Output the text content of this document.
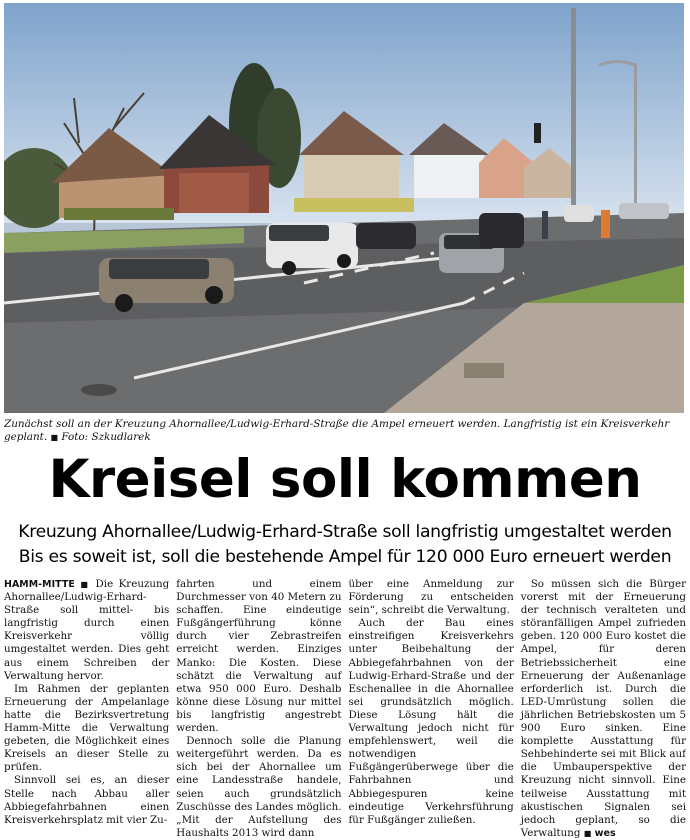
Zunächst soll an der Kreuzung Ahornallee/Ludwig-Erhard-Straße die Ampel erneuert werden. Langfristig ist ein Kreisverkehr geplant. ■ Foto: Szkudlarek
Kreisel soll kommen
Kreuzung Ahornallee/Ludwig-Erhard-Straße soll langfristig umgestaltet werden
Bis es soweit ist, soll die bestehende Ampel für 120 000 Euro erneuert werden

HAMM-MITTE ■ Die Kreuzung Ahornallee/Ludwig-Erhard-Straße soll mittel- bis langfristig durch einen Kreisverkehr völlig umgestaltet werden. Dies geht aus einem Schreiben der Verwaltung hervor.

Im Rahmen der geplanten Erneuerung der Ampelanlage hatte die Bezirksvertretung Hamm-Mitte die Verwaltung gebeten, die Möglichkeit eines Kreisels an dieser Stelle zu prüfen.

Sinnvoll sei es, an dieser Stelle nach Abbau aller Abbiegefahrbahnen einen Kreisverkehrsplatz mit vier Zu-

fahrten und einem Durchmesser von 40 Metern zu schaffen. Eine eindeutige Fußgängerführung könne durch vier Zebrastreifen erreicht werden. Einziges Manko: Die Kosten. Diese schätzt die Verwaltung auf etwa 950 000 Euro. Deshalb könne diese Lösung nur mittel bis langfristig angestrebt werden.

Dennoch solle die Planung weitergeführt werden. Da es sich bei der Ahornallee um eine Landesstraße handele, seien auch grundsätzlich Zuschüsse des Landes möglich. „Mit der Aufstellung des Haushalts 2013 wird dann

über eine Anmeldung zur Förderung zu entscheiden sein“, schreibt die Verwaltung.

Auch der Bau eines einstreifigen Kreisverkehrs unter Beibehaltung der Abbiegefahrbahnen von der Ludwig-Erhard-Straße und der Eschenallee in die Ahornallee sei grundsätzlich möglich. Diese Lösung hält die Verwaltung jedoch nicht für empfehlenswert, weil die notwendigen Fußgängerüberwege über die Fahrbahnen und Abbiegespuren keine eindeutige Verkehrsführung für Fußgänger zuließen.

So müssen sich die Bürger vorerst mit der Erneuerung der technisch veralteten und störanfälligen Ampel zufrieden geben. 120 000 Euro kostet die Ampel, für deren Betriebssicherheit eine Erneuerung der Außenanlage erforderlich ist. Durch die LED-Umrüstung sollen die jährlichen Betriebskosten um 5 900 Euro sinken. Eine komplette Ausstattung für Sehbehinderte sei mit Blick auf die Umbauperspektive der Kreuzung nicht sinnvoll. Eine teilweise Ausstattung mit akustischen Signalen sei jedoch geplant, so die Verwaltung ■ wes
